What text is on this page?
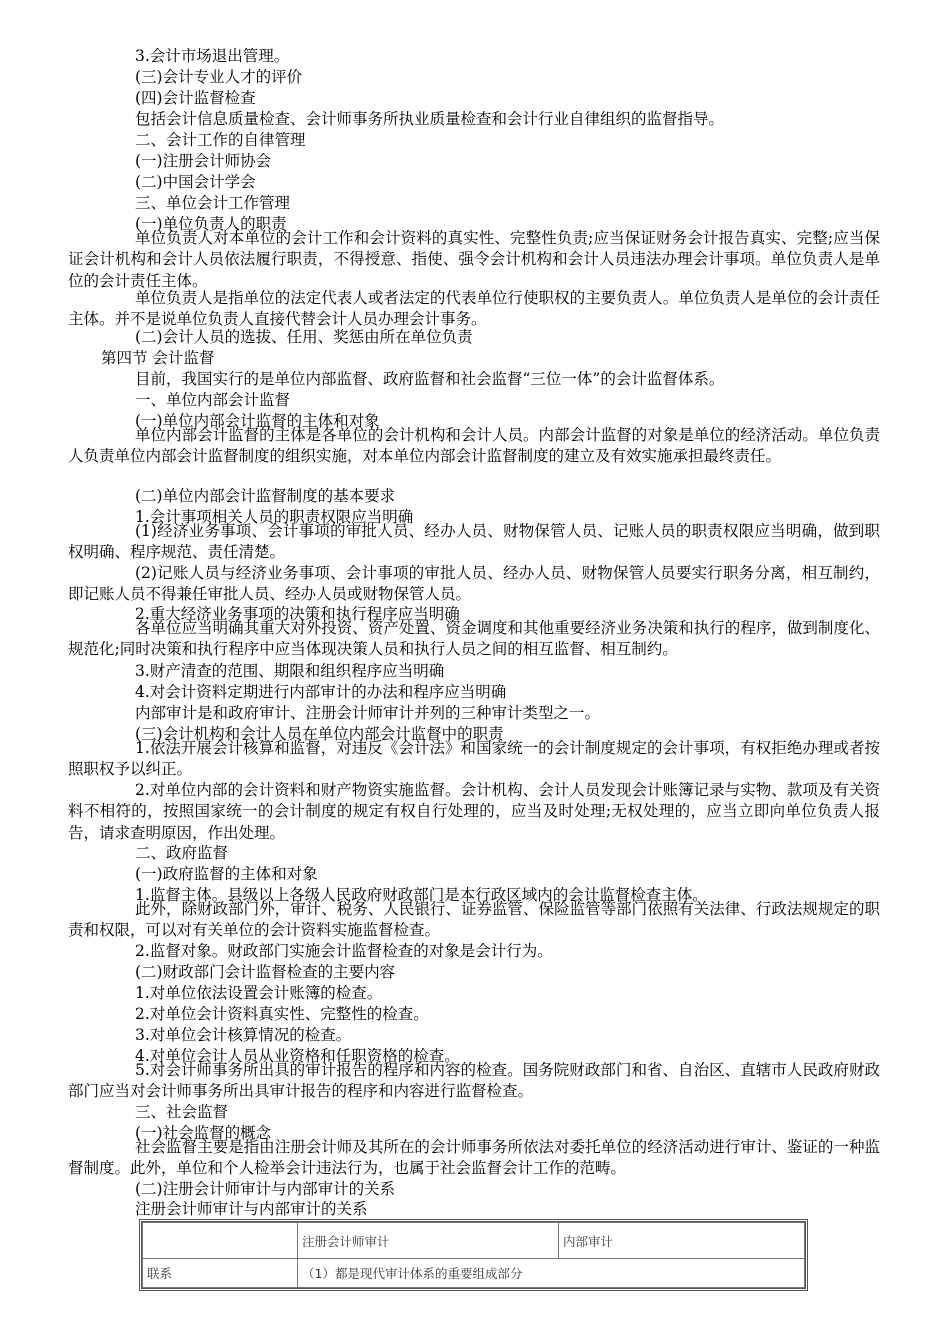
3.会计市场退出管理。
(三)会计专业人才的评价
(四)会计监督检查
包括会计信息质量检查、会计师事务所执业质量检查和会计行业自律组织的监督指导。
二、会计工作的自律管理
(一)注册会计师协会
(二)中国会计学会
三、单位会计工作管理
(一)单位负责人的职责
单位负责人对本单位的会计工作和会计资料的真实性、完整性负责;应当保证财务会计报告真实、完整;应当保证会计机构和会计人员依法履行职责，不得授意、指使、强令会计机构和会计人员违法办理会计事项。单位负责人是单位的会计责任主体。
单位负责人是指单位的法定代表人或者法定的代表单位行使职权的主要负责人。单位负责人是单位的会计责任主体。并不是说单位负责人直接代替会计人员办理会计事务。
(二)会计人员的选拔、任用、奖惩由所在单位负责
第四节 会计监督
目前，我国实行的是单位内部监督、政府监督和社会监督“三位一体”的会计监督体系。
一、单位内部会计监督
(一)单位内部会计监督的主体和对象
单位内部会计监督的主体是各单位的会计机构和会计人员。内部会计监督的对象是单位的经济活动。单位负责人负责单位内部会计监督制度的组织实施，对本单位内部会计监督制度的建立及有效实施承担最终责任。
(二)单位内部会计监督制度的基本要求
1.会计事项相关人员的职责权限应当明确
(1)经济业务事项、会计事项的审批人员、经办人员、财物保管人员、记账人员的职责权限应当明确，做到职权明确、程序规范、责任清楚。
(2)记账人员与经济业务事项、会计事项的审批人员、经办人员、财物保管人员要实行职务分离，相互制约，即记账人员不得兼任审批人员、经办人员或财物保管人员。
2.重大经济业务事项的决策和执行程序应当明确
各单位应当明确其重大对外投资、资产处置、资金调度和其他重要经济业务决策和执行的程序，做到制度化、规范化;同时决策和执行程序中应当体现决策人员和执行人员之间的相互监督、相互制约。
3.财产清查的范围、期限和组织程序应当明确
4.对会计资料定期进行内部审计的办法和程序应当明确
内部审计是和政府审计、注册会计师审计并列的三种审计类型之一。
(三)会计机构和会计人员在单位内部会计监督中的职责
1.依法开展会计核算和监督，对违反《会计法》和国家统一的会计制度规定的会计事项，有权拒绝办理或者按照职权予以纠正。
2.对单位内部的会计资料和财产物资实施监督。会计机构、会计人员发现会计账簿记录与实物、款项及有关资料不相符的，按照国家统一的会计制度的规定有权自行处理的，应当及时处理;无权处理的，应当立即向单位负责人报告，请求查明原因，作出处理。
二、政府监督
(一)政府监督的主体和对象
1.监督主体。县级以上各级人民政府财政部门是本行政区域内的会计监督检查主体。
此外，除财政部门外，审计、税务、人民银行、证券监管、保险监管等部门依照有关法律、行政法规规定的职责和权限，可以对有关单位的会计资料实施监督检查。
2.监督对象。财政部门实施会计监督检查的对象是会计行为。
(二)财政部门会计监督检查的主要内容
1.对单位依法设置会计账簿的检查。
2.对单位会计资料真实性、完整性的检查。
3.对单位会计核算情况的检查。
4.对单位会计人员从业资格和任职资格的检查。
5.对会计师事务所出具的审计报告的程序和内容的检查。国务院财政部门和省、自治区、直辖市人民政府财政部门应当对会计师事务所出具审计报告的程序和内容进行监督检查。
三、社会监督
(一)社会监督的概念
社会监督主要是指由注册会计师及其所在的会计师事务所依法对委托单位的经济活动进行审计、鉴证的一种监督制度。此外，单位和个人检举会计违法行为，也属于社会监督会计工作的范畴。
(二)注册会计师审计与内部审计的关系
注册会计师审计与内部审计的关系
	注册会计师审计	内部审计
联系	（1）都是现代审计体系的重要组成部分	
